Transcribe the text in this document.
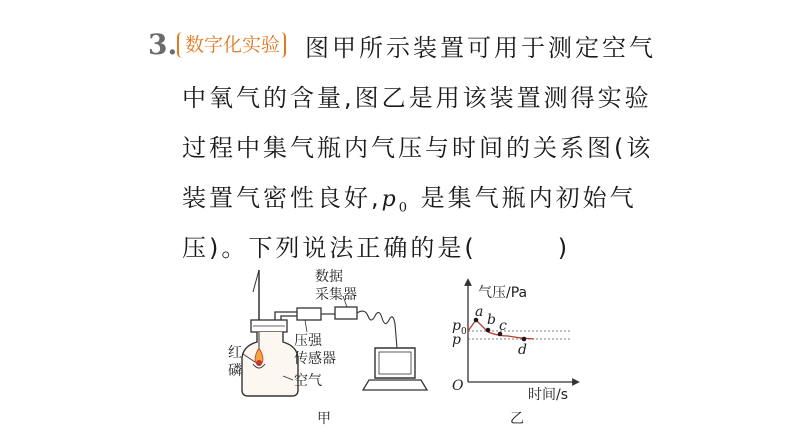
3. 数字化实验 图甲所示装置可用于测定空气
中氧气的含量,图乙是用该装置测得实验
过程中集气瓶内气压与时间的关系图(该
装置气密性良好$,p_0$ 是集气瓶内初始气
压)。下列说法正确的是(　　　)
数据
采集器
压强
传感器
红
磷
空气
甲
气压/Pa
时间/s
O
$p_0$
p
a b c
d
乙
